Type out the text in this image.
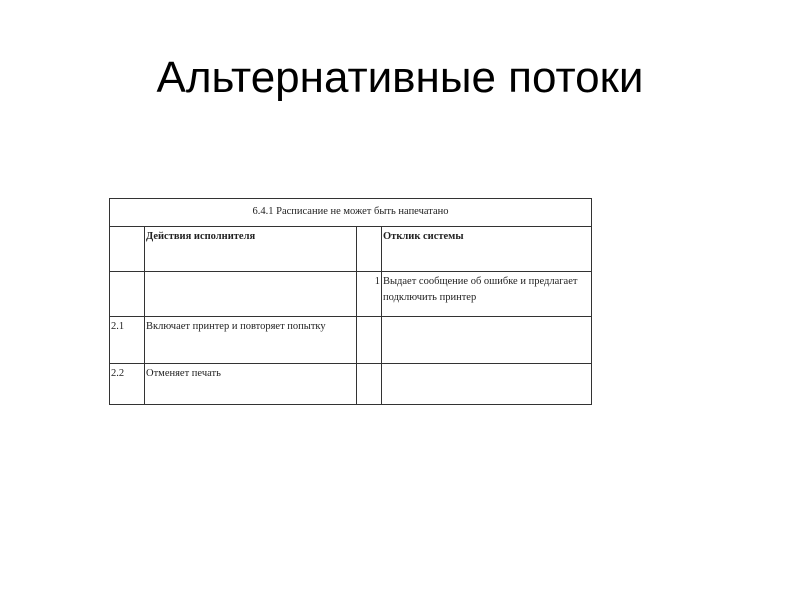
Альтернативные потоки
6.4.1 Расписание не может быть напечатано			
	Действия исполнителя		Отклик системы
		1	Выдает сообщение об ошибке и предлагает подключить принтер
2.1	Включает принтер и повторяет попытку		
2.2	Отменяет печать		
